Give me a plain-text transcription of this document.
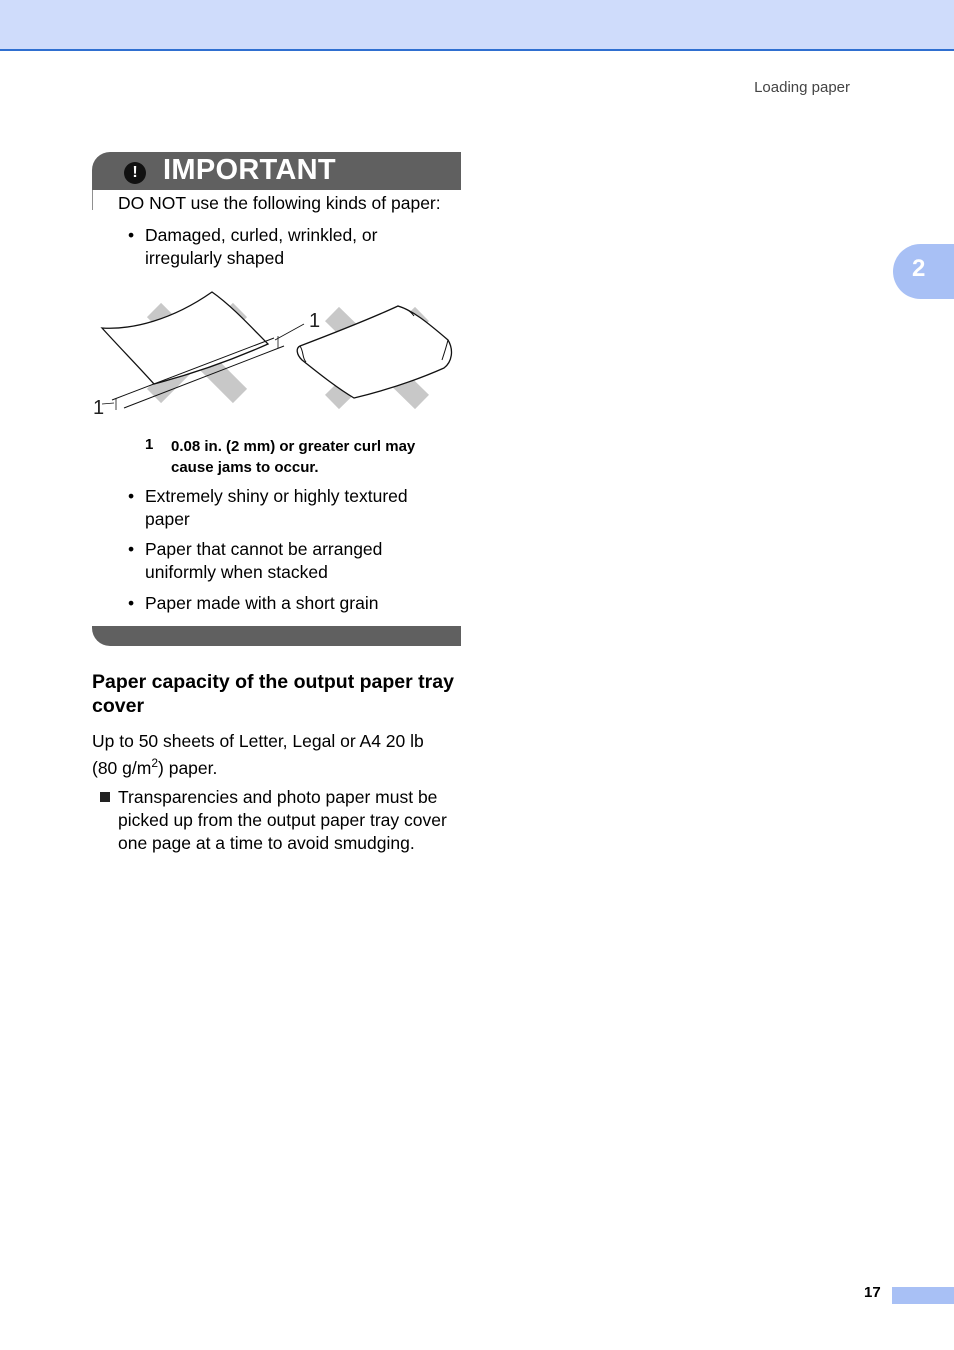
Loading paper
2
! IMPORTANT
DO NOT use the following kinds of paper:
• Damaged, curled, wrinkled, or irregularly shaped
1
1
1 0.08 in. (2 mm) or greater curl may cause jams to occur.
• Extremely shiny or highly textured paper
• Paper that cannot be arranged uniformly when stacked
• Paper made with a short grain
Paper capacity of the output paper tray cover
Up to 50 sheets of Letter, Legal or A4 20 lb
(80 $g/m^2$) paper.
Transparencies and photo paper must be picked up from the output paper tray cover one page at a time to avoid smudging.
17
